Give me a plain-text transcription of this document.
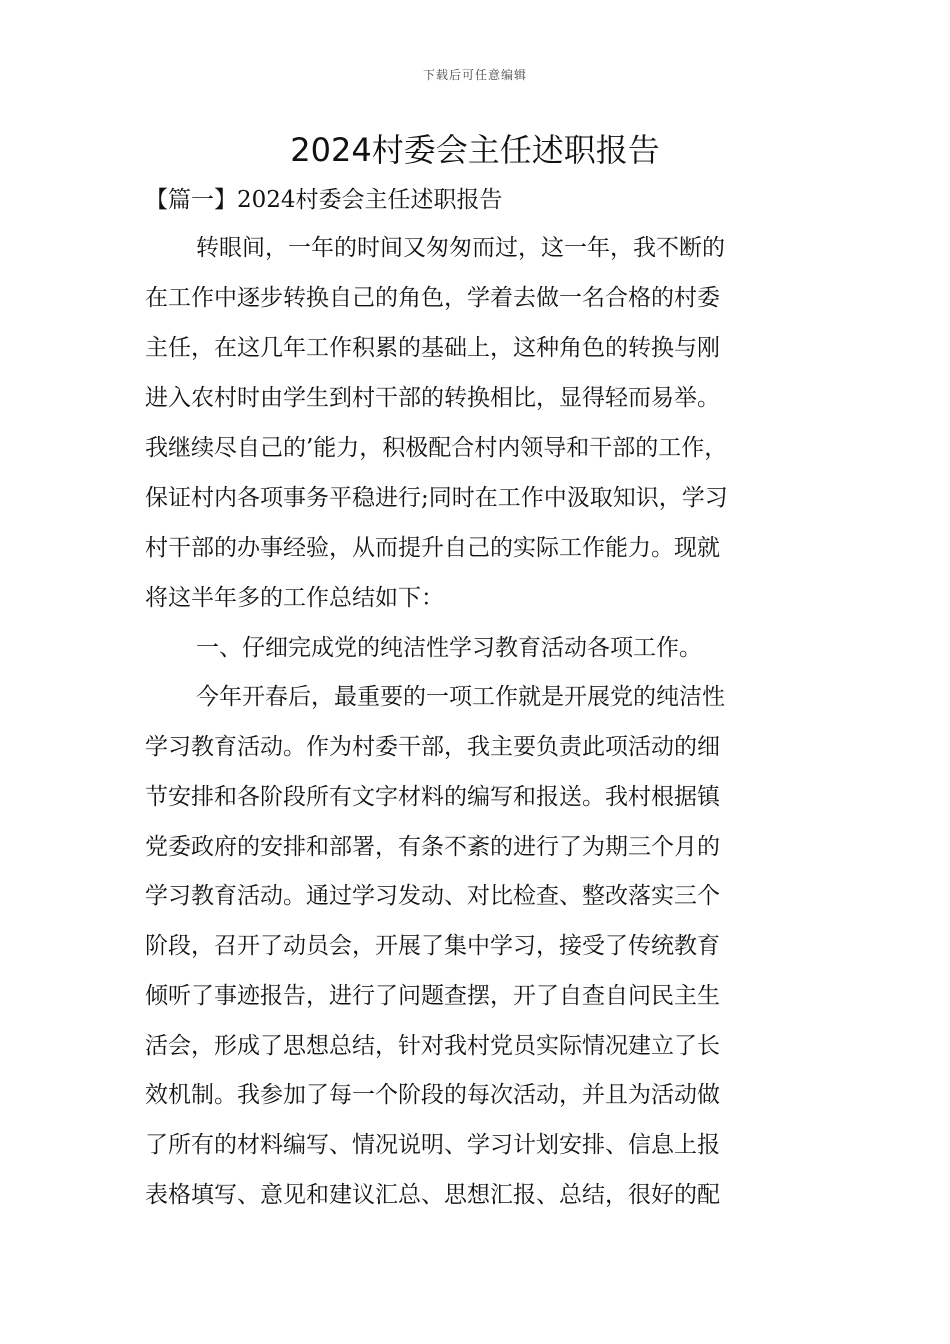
下载后可任意编辑
2024村委会主任述职报告
【篇一】2024村委会主任述职报告
转眼间，一年的时间又匆匆而过，这一年，我不断的
在工作中逐步转换自己的角色，学着去做一名合格的村委
主任，在这几年工作积累的基础上，这种角色的转换与刚
进入农村时由学生到村干部的转换相比，显得轻而易举。
我继续尽自己的’能力，积极配合村内领导和干部的工作，
保证村内各项事务平稳进行;同时在工作中汲取知识，学习
村干部的办事经验，从而提升自己的实际工作能力。现就
将这半年多的工作总结如下：
一、仔细完成党的纯洁性学习教育活动各项工作。
今年开春后，最重要的一项工作就是开展党的纯洁性
学习教育活动。作为村委干部，我主要负责此项活动的细
节安排和各阶段所有文字材料的编写和报送。我村根据镇
党委政府的安排和部署，有条不紊的进行了为期三个月的
学习教育活动。通过学习发动、对比检查、整改落实三个
阶段，召开了动员会，开展了集中学习，接受了传统教育
倾听了事迹报告，进行了问题查摆，开了自查自问民主生
活会，形成了思想总结，针对我村党员实际情况建立了长
效机制。我参加了每一个阶段的每次活动，并且为活动做
了所有的材料编写、情况说明、学习计划安排、信息上报
表格填写、意见和建议汇总、思想汇报、总结，很好的配
